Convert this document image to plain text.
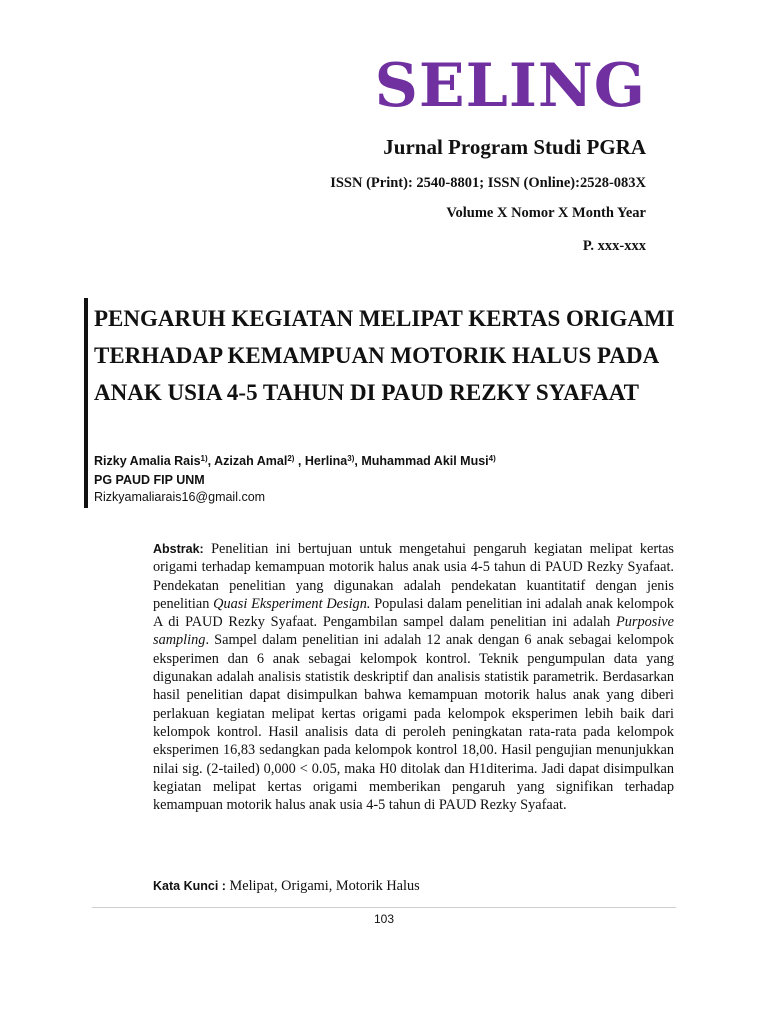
SELING
Jurnal Program Studi PGRA
ISSN (Print): 2540-8801; ISSN (Online):2528-083X
Volume X Nomor X Month Year
P. xxx-xxx
PENGARUH KEGIATAN MELIPAT KERTAS ORIGAMI
TERHADAP KEMAMPUAN MOTORIK HALUS PADA
ANAK USIA 4-5 TAHUN DI PAUD REZKY SYAFAAT
Rizky Amalia Rais$^{1)}$, Azizah Amal$^{2)}$ , Herlina$^{3)}$, Muhammad Akil Musi$^{4)}$
PG PAUD FIP UNM
Rizkyamaliarais16@gmail.com

Abstrak: Penelitian ini bertujuan untuk mengetahui pengaruh kegiatan melipat kertas origami terhadap kemampuan motorik halus anak usia 4-5 tahun di PAUD Rezky Syafaat. Pendekatan penelitian yang digunakan adalah pendekatan kuantitatif dengan jenis penelitian Quasi Eksperiment Design. Populasi dalam penelitian ini adalah anak kelompok A di PAUD Rezky Syafaat. Pengambilan sampel dalam penelitian ini adalah Purposive sampling. Sampel dalam penelitian ini adalah 12 anak dengan 6 anak sebagai kelompok eksperimen dan 6 anak sebagai kelompok kontrol. Teknik pengumpulan data yang digunakan adalah analisis statistik deskriptif dan analisis statistik parametrik. Berdasarkan hasil penelitian dapat disimpulkan bahwa kemampuan motorik halus anak yang diberi perlakuan kegiatan melipat kertas origami pada kelompok eksperimen lebih baik dari kelompok kontrol. Hasil analisis data di peroleh peningkatan rata-rata pada kelompok eksperimen 16,83 sedangkan pada kelompok kontrol 18,00. Hasil pengujian menunjukkan nilai sig. (2-tailed) 0,000 < 0.05, maka H0 ditolak dan H1diterima. Jadi dapat disimpulkan kegiatan melipat kertas origami memberikan pengaruh yang signifikan terhadap kemampuan motorik halus anak usia 4-5 tahun di PAUD Rezky Syafaat.

Kata Kunci : Melipat, Origami, Motorik Halus

103
